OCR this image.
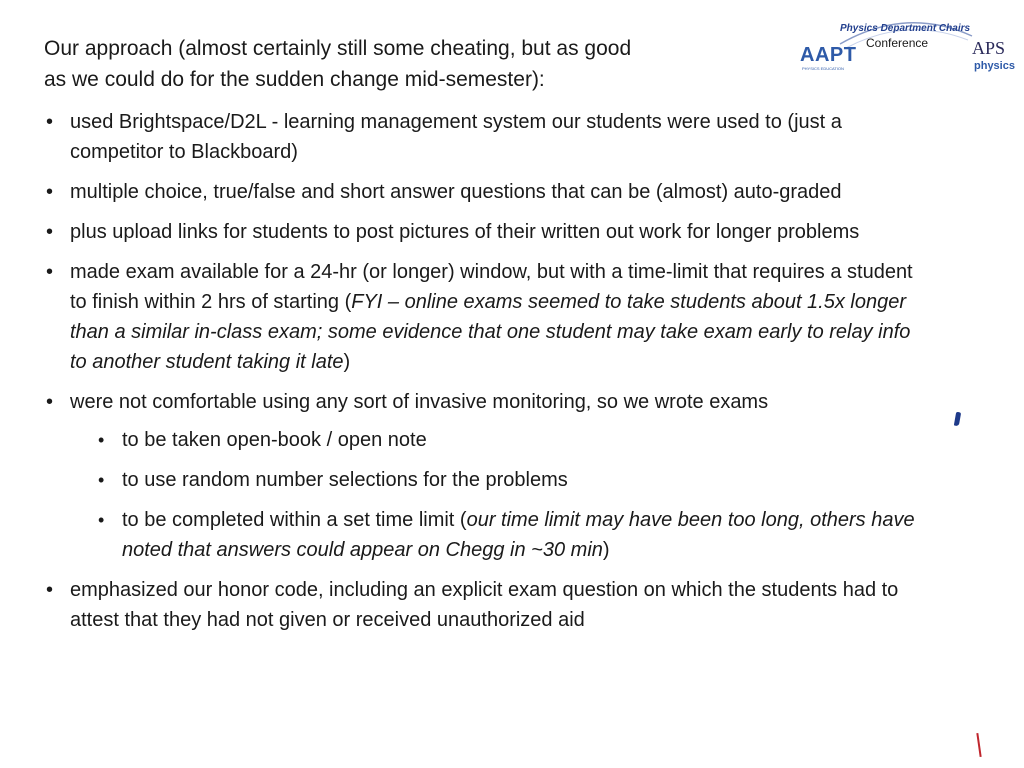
Our approach (almost certainly still some cheating, but as good
as we could do for the sudden change mid-semester):

Physics Department Chairs
Conference
AAPT
PHYSICS EDUCATION
APS
physics
• used Brightspace/D2L - learning management system our students were used to (just a competitor to Blackboard)
• multiple choice, true/false and short answer questions that can be (almost) auto-graded
• plus upload links for students to post pictures of their written out work for longer problems
• made exam available for a 24-hr (or longer) window, but with a time-limit that requires a student to finish within 2 hrs of starting (FYI – online exams seemed to take students about 1.5x longer than a similar in-class exam; some evidence that one student may take exam early to relay info to another student taking it late)
• were not comfortable using any sort of invasive monitoring, so we wrote exams
• to be taken open-book / open note
• to use random number selections for the problems
• to be completed within a set time limit (our time limit may have been too long, others have noted that answers could appear on Chegg in ~30 min)
• emphasized our honor code, including an explicit exam question on which the students had to attest that they had not given or received unauthorized aid
